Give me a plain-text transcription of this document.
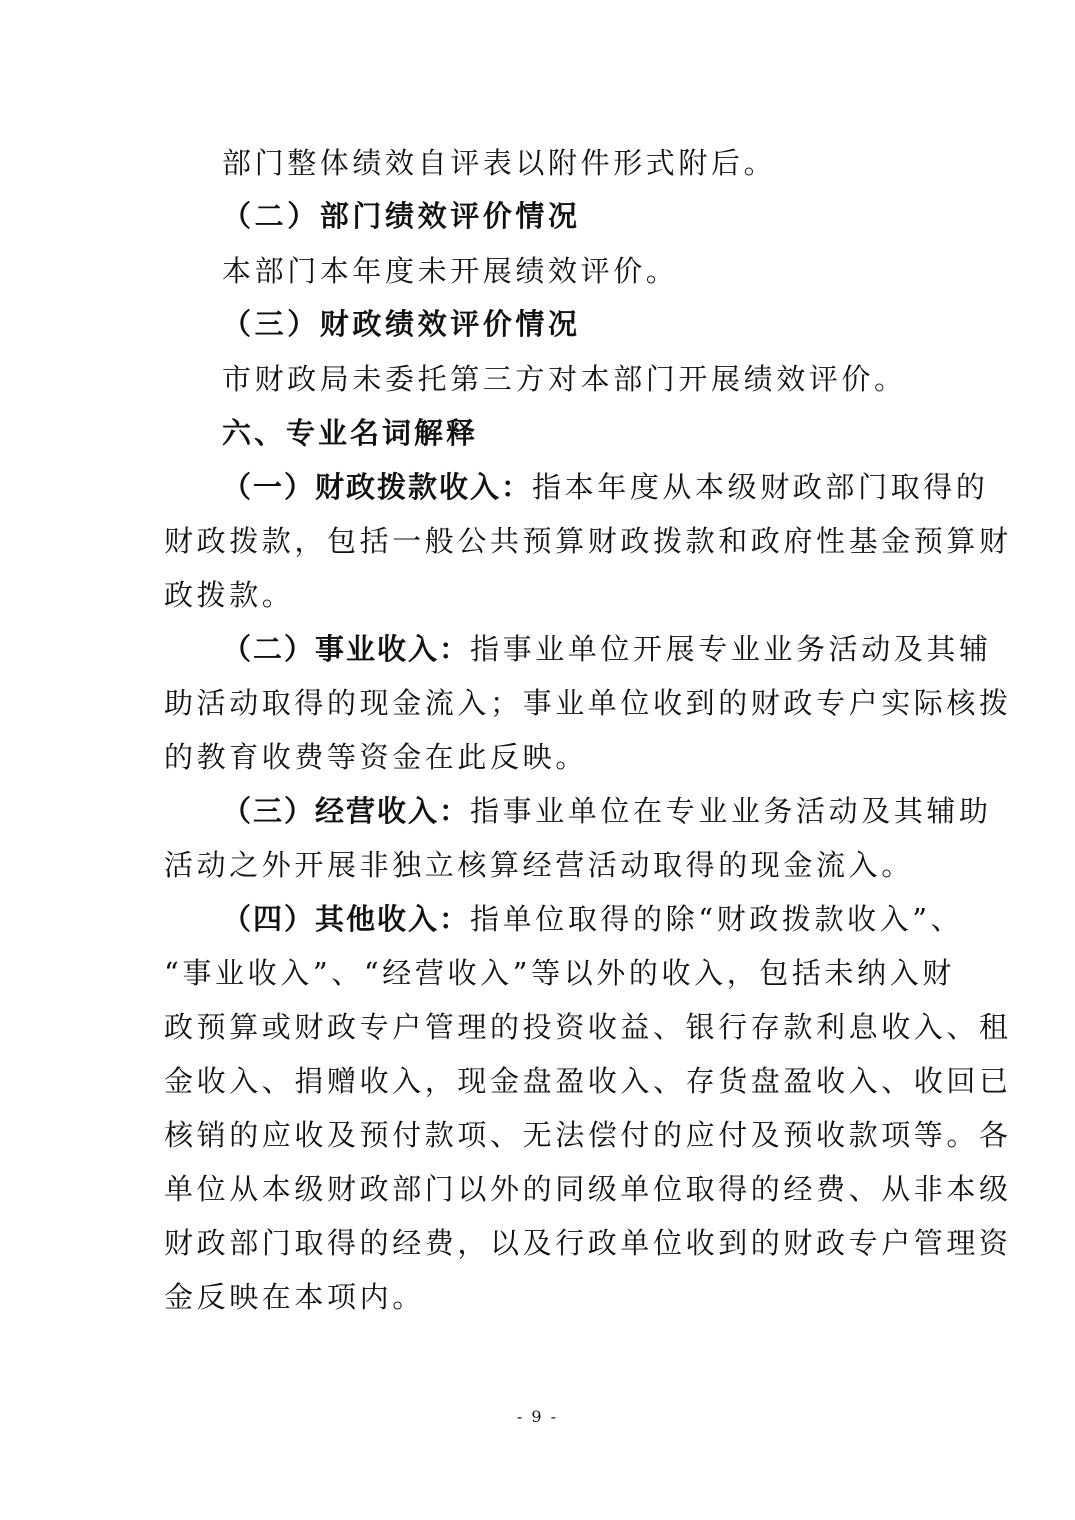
部门整体绩效自评表以附件形式附后。

（二）部门绩效评价情况

本部门本年度未开展绩效评价。

（三）财政绩效评价情况

市财政局未委托第三方对本部门开展绩效评价。

六、专业名词解释

（一）财政拨款收入：指本年度从本级财政部门取得的

财政拨款，包括一般公共预算财政拨款和政府性基金预算财

政拨款。

（二）事业收入：指事业单位开展专业业务活动及其辅

助活动取得的现金流入；事业单位收到的财政专户实际核拨

的教育收费等资金在此反映。

（三）经营收入：指事业单位在专业业务活动及其辅助

活动之外开展非独立核算经营活动取得的现金流入。

（四）其他收入：指单位取得的除“财政拨款收入”、

“事业收入”、“经营收入”等以外的收入，包括未纳入财

政预算或财政专户管理的投资收益、银行存款利息收入、租

金收入、捐赠收入，现金盘盈收入、存货盘盈收入、收回已

核销的应收及预付款项、无法偿付的应付及预收款项等。各

单位从本级财政部门以外的同级单位取得的经费、从非本级

财政部门取得的经费，以及行政单位收到的财政专户管理资

金反映在本项内。

- 9 -
